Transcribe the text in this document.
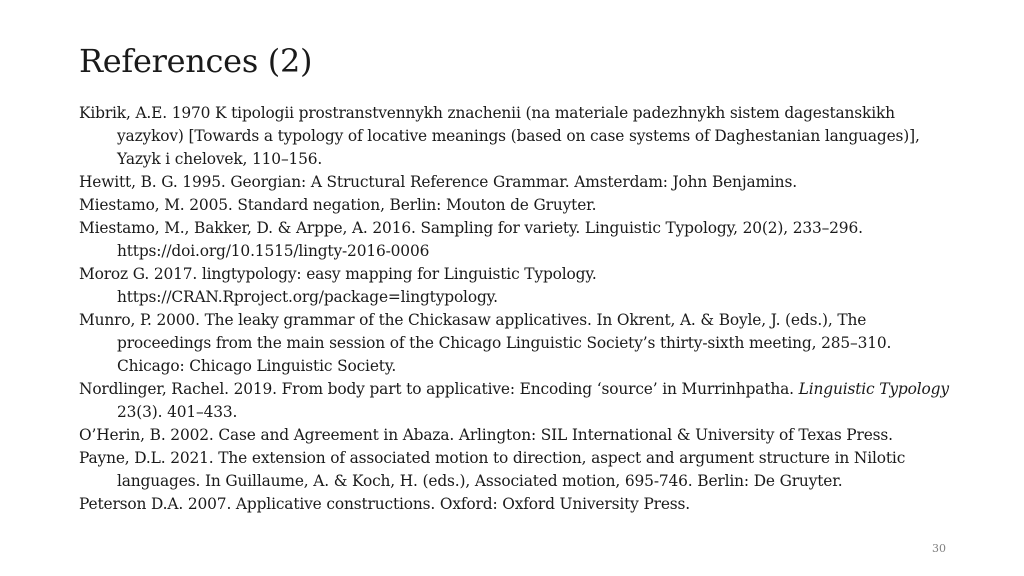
References (2)
Kibrik, A.E. 1970 K tipologii prostranstvennykh znachenii (na materiale padezhnykh sistem dagestanskikh yazykov) [Towards a typology of locative meanings (based on case systems of Daghestanian languages)], Yazyk i chelovek, 110–156.
Hewitt, B. G. 1995. Georgian: A Structural Reference Grammar. Amsterdam: John Benjamins.
Miestamo, M. 2005. Standard negation, Berlin: Mouton de Gruyter.
Miestamo, M., Bakker, D. & Arppe, A. 2016. Sampling for variety. Linguistic Typology, 20(2), 233–296. https://doi.org/10.1515/lingty-2016-0006
Moroz G. 2017. lingtypology: easy mapping for Linguistic Typology. https://CRAN.Rproject.org/package=lingtypology.
Munro, P. 2000. The leaky grammar of the Chickasaw applicatives. In Okrent, A. & Boyle, J. (eds.), The proceedings from the main session of the Chicago Linguistic Society’s thirty-sixth meeting, 285–310. Chicago: Chicago Linguistic Society.
Nordlinger, Rachel. 2019. From body part to applicative: Encoding ‘source’ in Murrinhpatha. Linguistic Typology 23(3). 401–433.
O’Herin, B. 2002. Case and Agreement in Abaza. Arlington: SIL International & University of Texas Press.
Payne, D.L. 2021. The extension of associated motion to direction, aspect and argument structure in Nilotic languages. In Guillaume, A. & Koch, H. (eds.), Associated motion, 695-746. Berlin: De Gruyter.
Peterson D.A. 2007. Applicative constructions. Oxford: Oxford University Press.
30
